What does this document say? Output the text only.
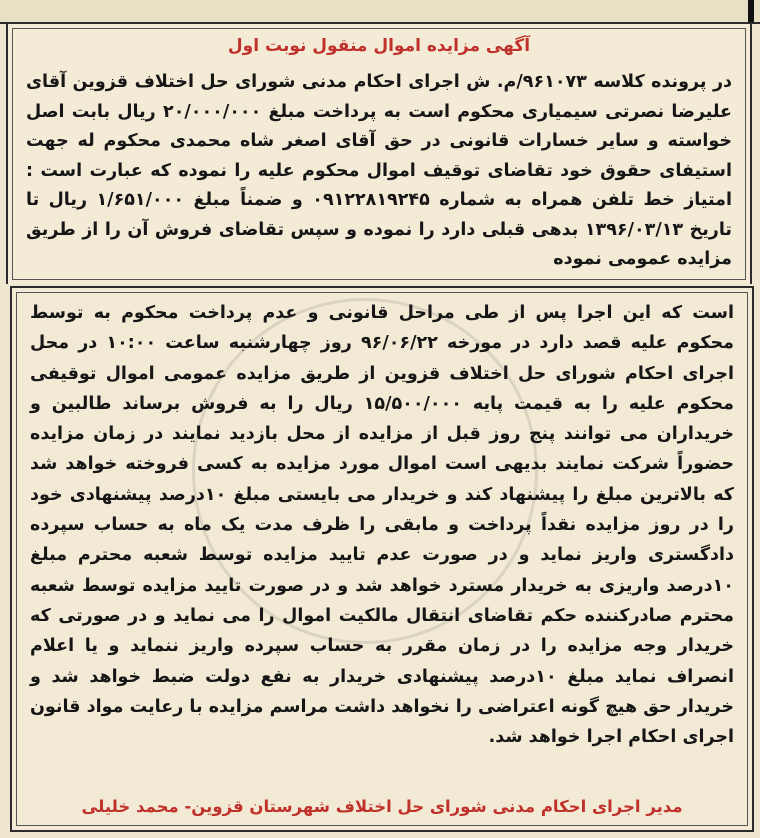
آگهی مزایده اموال منقول نوبت اول

در پرونده کلاسه ۹۶۱۰۷۳/م. ش اجرای احکام مدنی شورای حل اختلاف قزوین آقای علیرضا نصرتی سیمیاری محکوم است به پرداخت مبلغ ۲۰/۰۰۰/۰۰۰ ریال بابت اصل خواسته و سایر خسارات قانونی در حق آقای اصغر شاه محمدی محکوم له جهت استیفای حقوق خود تقاضای توقیف اموال محکوم علیه را نموده که عبارت است : امتیاز خط تلفن همراه به شماره ۰۹۱۲۲۸۱۹۲۴۵ و ضمناً مبلغ ۱/۶۵۱/۰۰۰ ریال تا تاریخ ۱۳۹۶/۰۳/۱۳ بدهی قبلی دارد را نموده و سپس تقاضای فروش آن را از طریق مزایده عمومی نموده

است که این اجرا پس از طی مراحل قانونی و عدم پرداخت محکوم به توسط محکوم علیه قصد دارد در مورخه ۹۶/۰۶/۲۲ روز چهارشنبه ساعت ۱۰:۰۰ در محل اجرای احکام شورای حل اختلاف قزوین از طریق مزایده عمومی اموال توقیفی محکوم علیه را به قیمت پایه ۱۵/۵۰۰/۰۰۰ ریال را به فروش برساند طالبین و خریداران می توانند پنج روز قبل از مزایده از محل بازدید نمایند در زمان مزایده حضوراً شرکت نمایند بدیهی است اموال مورد مزایده به کسی فروخته خواهد شد که بالاترین مبلغ را پیشنهاد کند و خریدار می بایستی مبلغ ۱۰درصد پیشنهادی خود را در روز مزایده نقداً پرداخت و مابقی را ظرف مدت یک ماه به حساب سپرده دادگستری واریز نماید و در صورت عدم تایید مزایده توسط شعبه محترم مبلغ ۱۰درصد واریزی به خریدار مسترد خواهد شد و در صورت تایید مزایده توسط شعبه محترم صادرکننده حکم تقاضای انتقال مالکیت اموال را می نماید و در صورتی که خریدار وجه مزایده را در زمان مقرر به حساب سپرده واریز ننماید و یا اعلام انصراف نماید مبلغ ۱۰درصد پیشنهادی خریدار به نفع دولت ضبط خواهد شد و خریدار حق هیچ گونه اعتراضی را نخواهد داشت مراسم مزایده با رعایت مواد قانون اجرای احکام اجرا خواهد شد.

مدیر اجرای احکام مدنی شورای حل اختلاف شهرستان قزوین- محمد خلیلی
